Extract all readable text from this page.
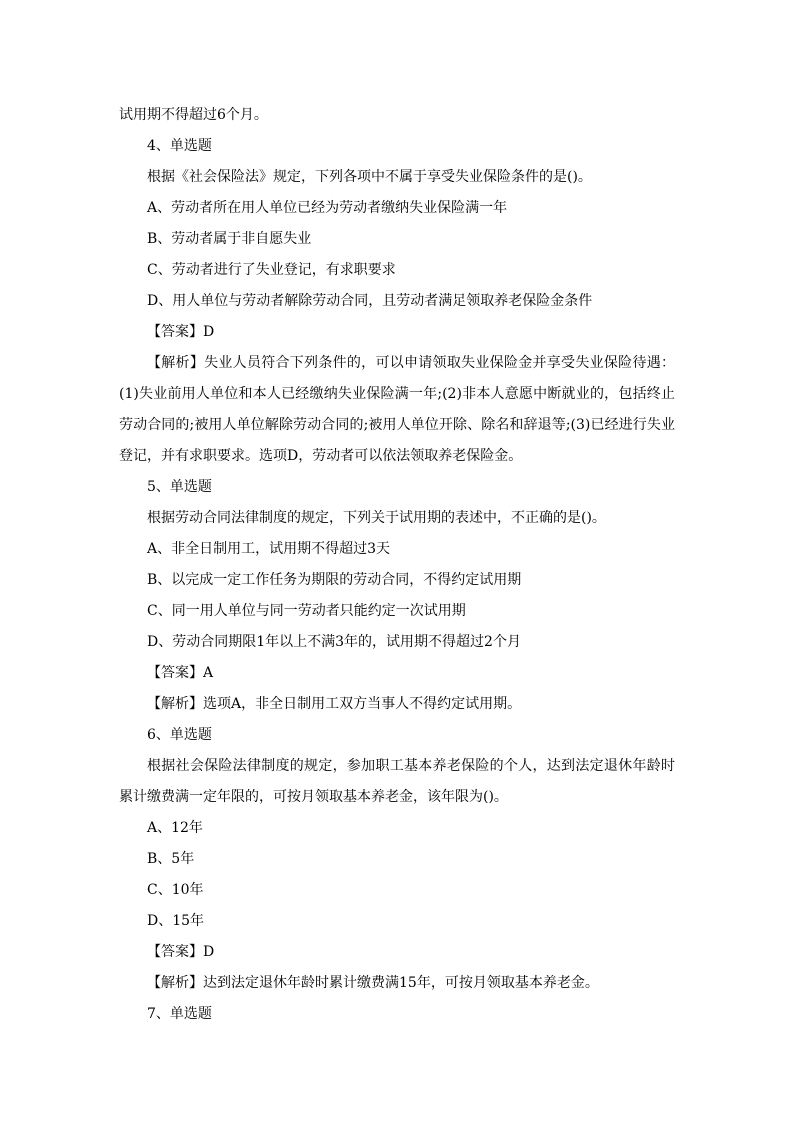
试用期不得超过6个月。
4、单选题
根据《社会保险法》规定，下列各项中不属于享受失业保险条件的是()。
A、劳动者所在用人单位已经为劳动者缴纳失业保险满一年
B、劳动者属于非自愿失业
C、劳动者进行了失业登记，有求职要求
D、用人单位与劳动者解除劳动合同，且劳动者满足领取养老保险金条件
【答案】D
【解析】失业人员符合下列条件的，可以申请领取失业保险金并享受失业保险待遇：(1)失业前用人单位和本人已经缴纳失业保险满一年;(2)非本人意愿中断就业的，包括终止劳动合同的;被用人单位解除劳动合同的;被用人单位开除、除名和辞退等;(3)已经进行失业登记，并有求职要求。选项D，劳动者可以依法领取养老保险金。
5、单选题
根据劳动合同法律制度的规定，下列关于试用期的表述中，不正确的是()。
A、非全日制用工，试用期不得超过3天
B、以完成一定工作任务为期限的劳动合同，不得约定试用期
C、同一用人单位与同一劳动者只能约定一次试用期
D、劳动合同期限1年以上不满3年的，试用期不得超过2个月
【答案】A
【解析】选项A，非全日制用工双方当事人不得约定试用期。
6、单选题
根据社会保险法律制度的规定，参加职工基本养老保险的个人，达到法定退休年龄时累计缴费满一定年限的，可按月领取基本养老金，该年限为()。
A、12年
B、5年
C、10年
D、15年
【答案】D
【解析】达到法定退休年龄时累计缴费满15年，可按月领取基本养老金。
7、单选题
